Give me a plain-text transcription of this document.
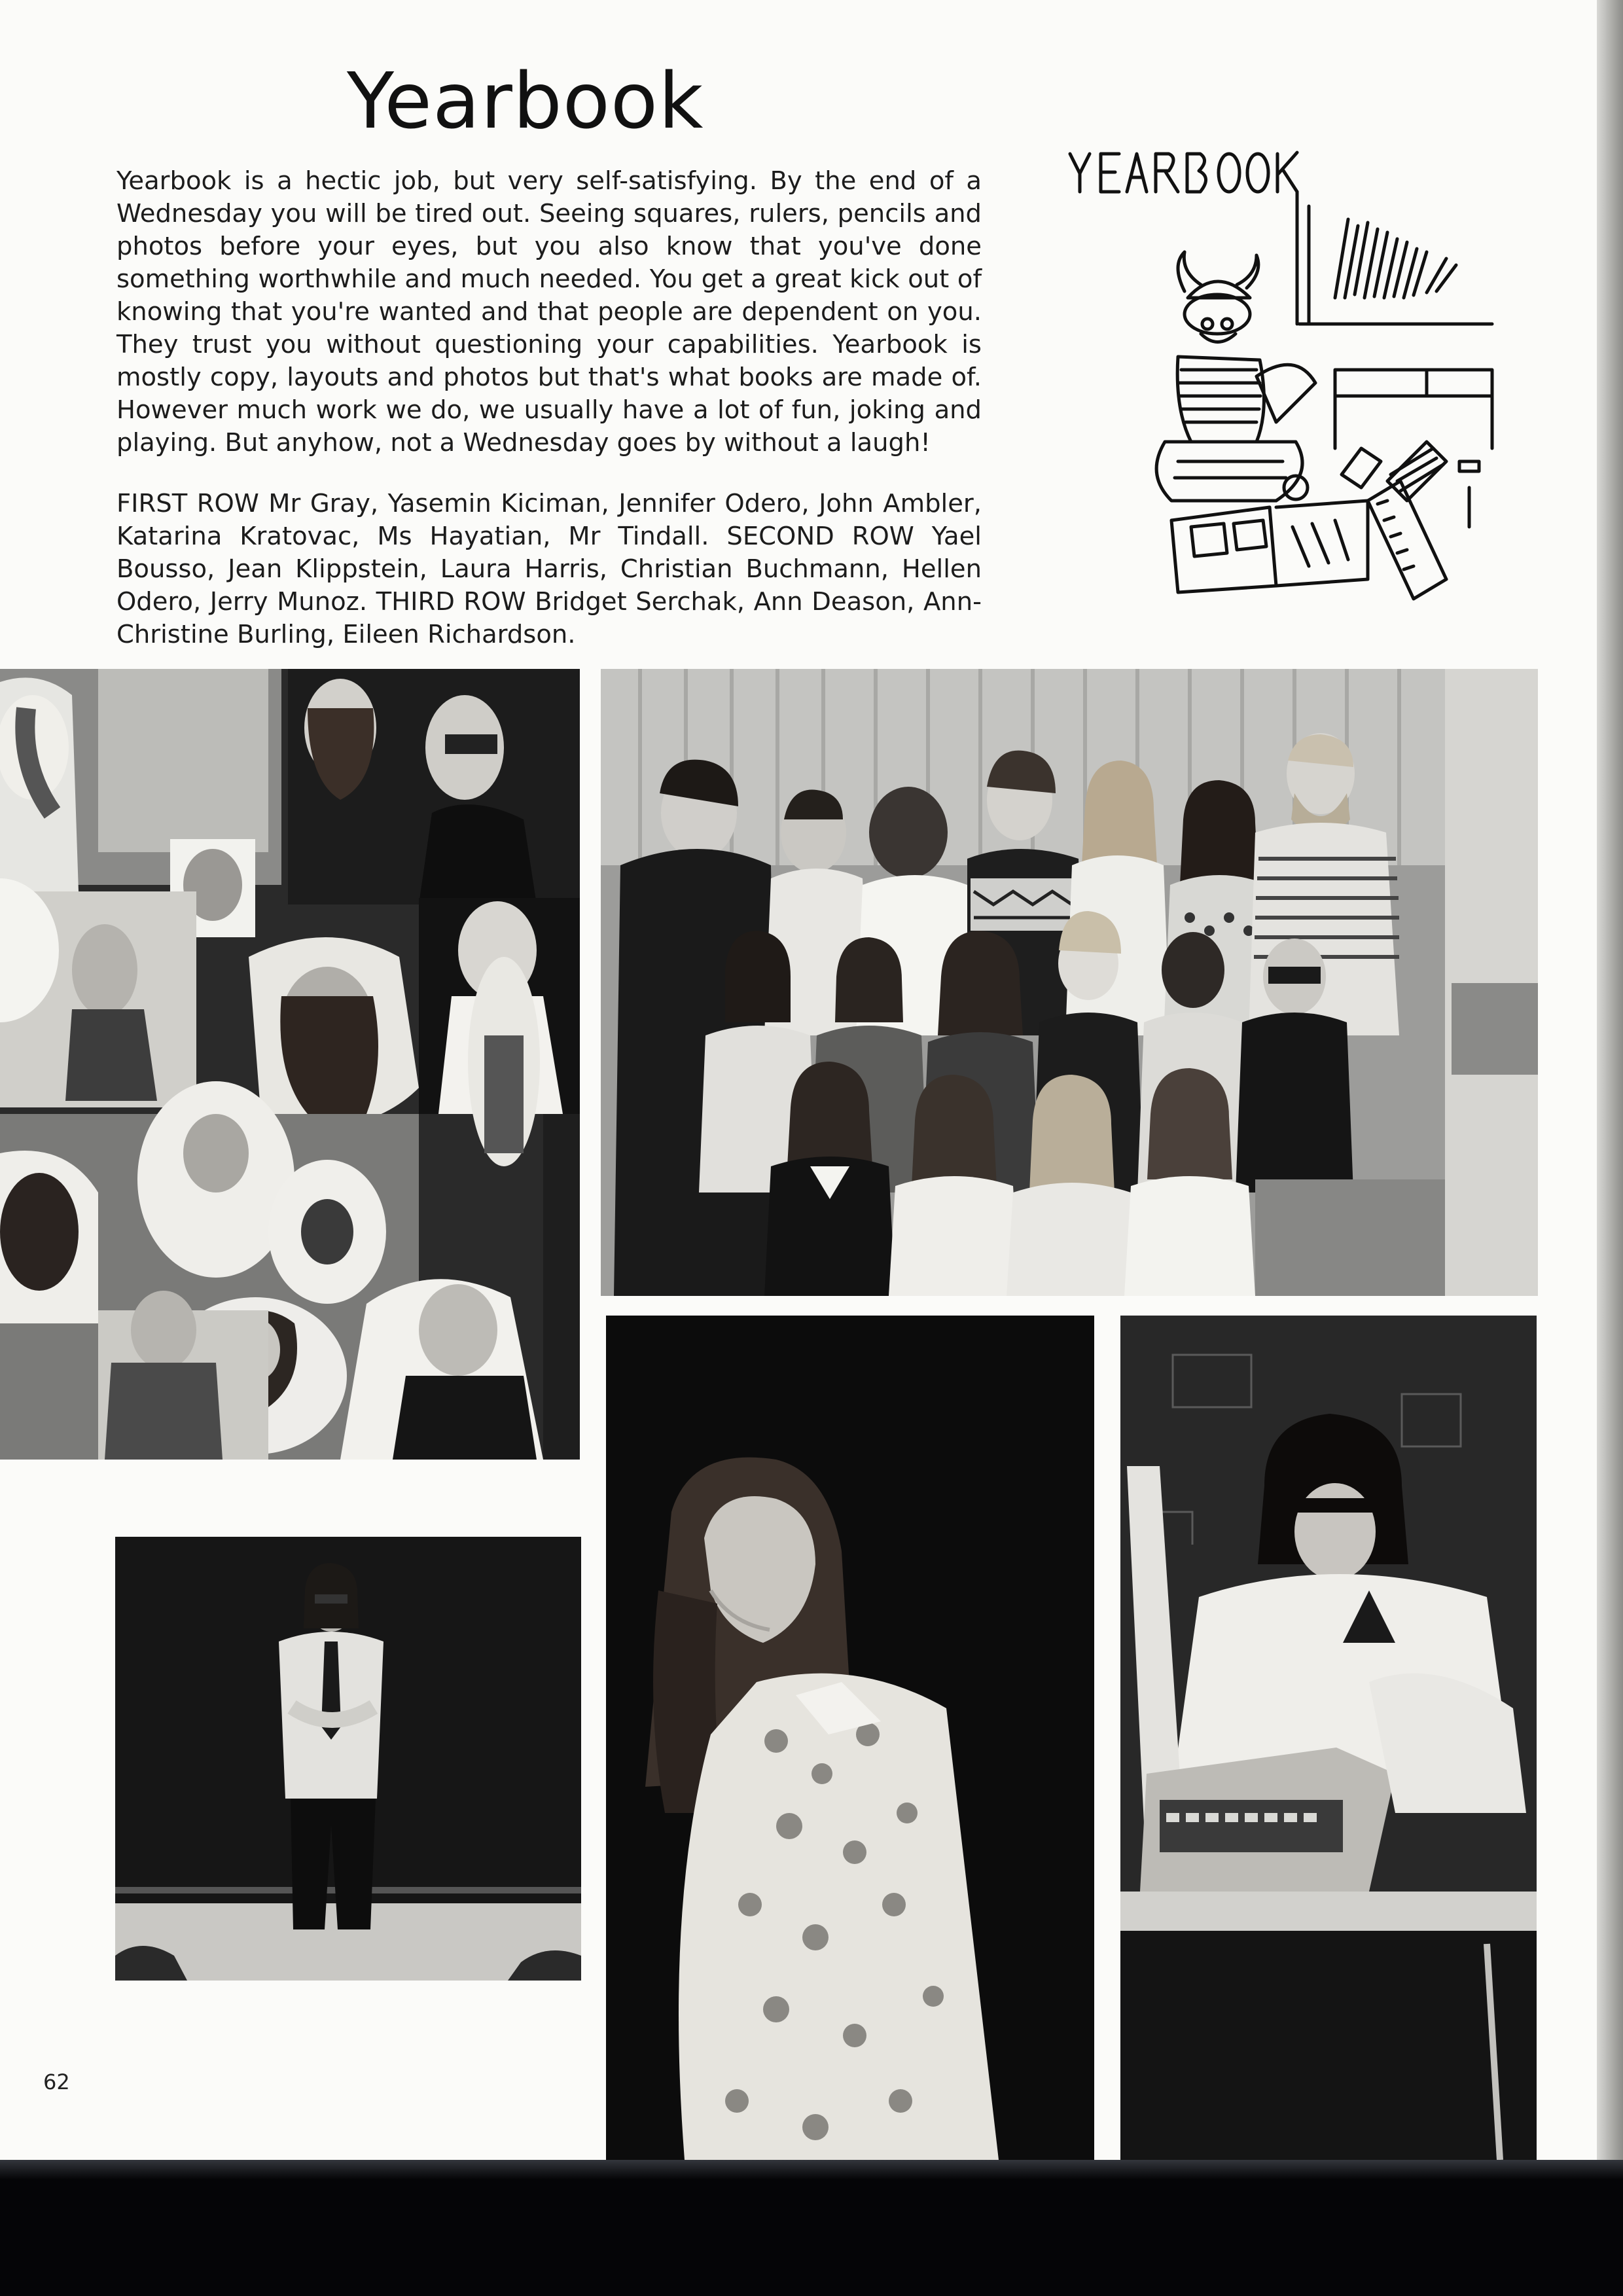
Yearbook
Yearbook is a hectic job, but very self-satisfying. By the end of a Wednesday you will be tired out. Seeing squares, rulers, pencils and photos before your eyes, but you also know that you've done something worthwhile and much needed. You get a great kick out of knowing that you're wanted and that people are dependent on you. They trust you without questioning your capabilities. Yearbook is mostly copy, layouts and photos but that's what books are made of. However much work we do, we usually have a lot of fun, joking and playing. But anyhow, not a Wednesday goes by without a laugh!
FIRST ROW Mr Gray, Yasemin Kiciman, Jennifer Odero, John Ambler, Katarina Kratovac, Ms Hayatian, Mr Tindall. SECOND ROW Yael Bousso, Jean Klippstein, Laura Harris, Christian Buchmann, Hellen Odero, Jerry Munoz. THIRD ROW Bridget Serchak, Ann Deason, Ann-Christine Burling, Eileen Richardson.
62
